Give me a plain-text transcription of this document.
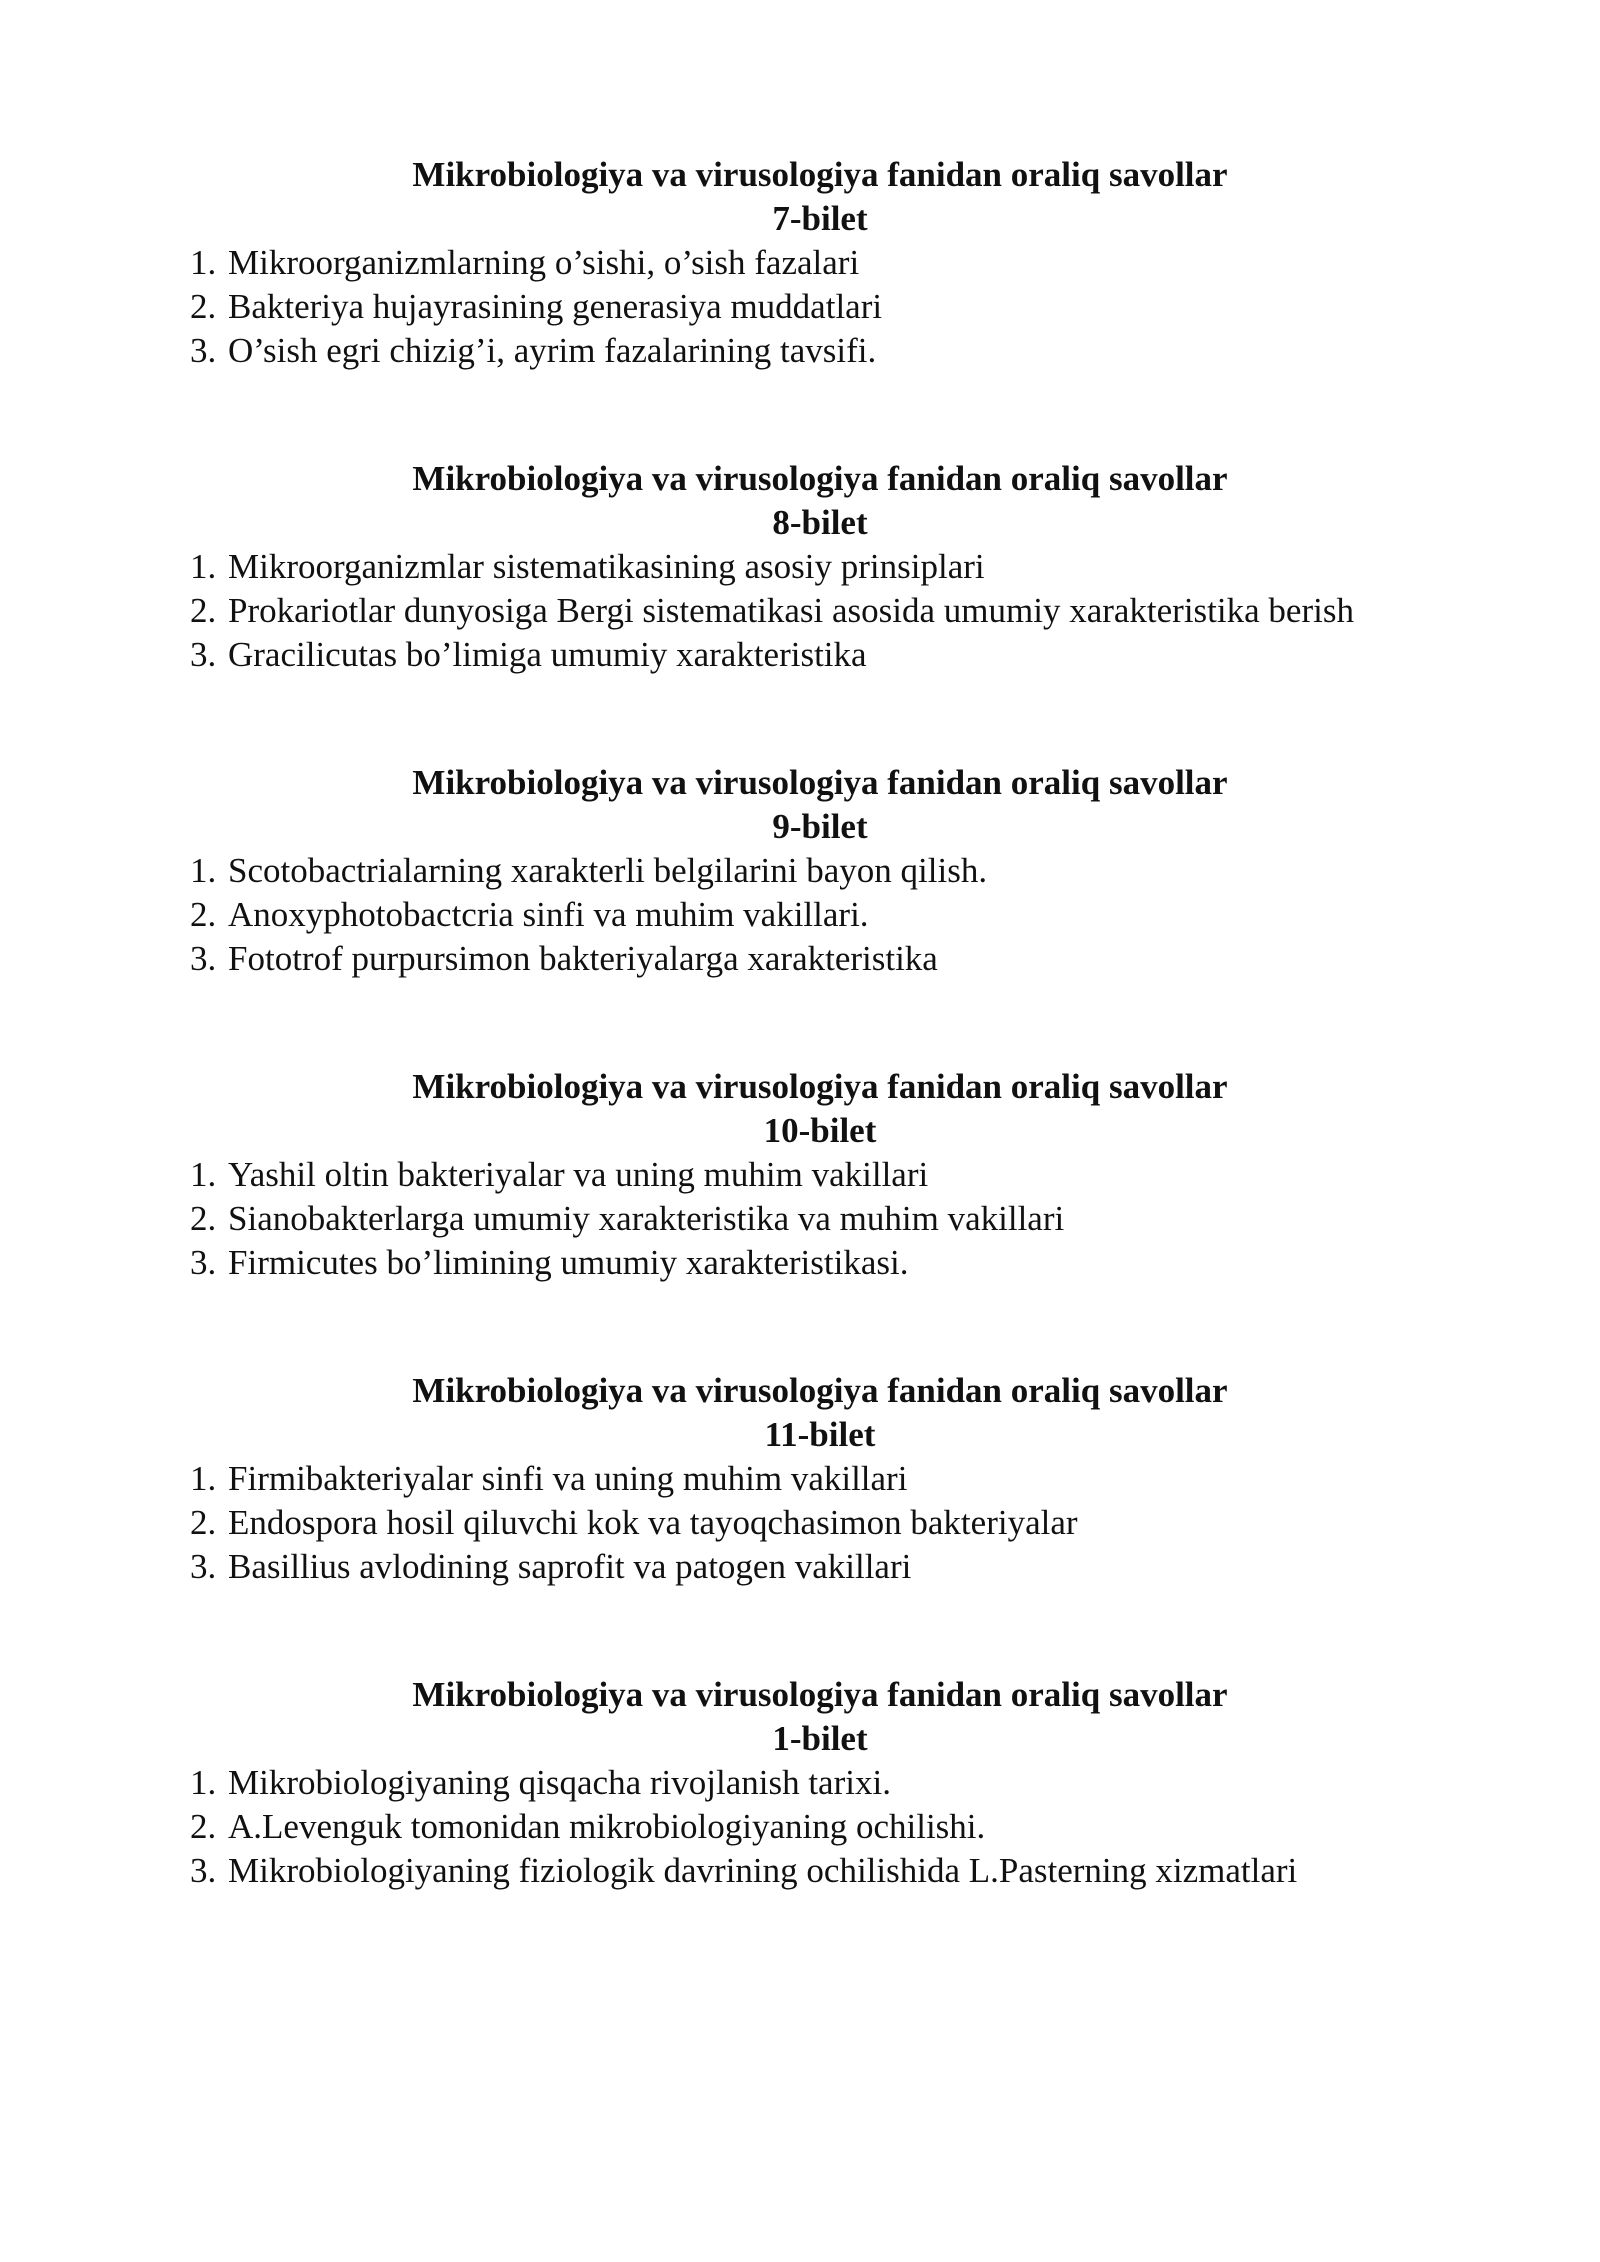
Mikrobiologiya va virusologiya fanidan oraliq savollar
7-bilet
1. Mikroorganizmlarning o’sishi, o’sish fazalari
2. Bakteriya hujayrasining generasiya muddatlari
3. O’sish egri chizig’i, ayrim fazalarining tavsifi.
Mikrobiologiya va virusologiya fanidan oraliq savollar
8-bilet
1. Mikroorganizmlar sistematikasining asosiy prinsiplari
2. Prokariotlar dunyosiga Bergi sistematikasi asosida umumiy xarakteristika berish
3. Gracilicutas bo’limiga umumiy xarakteristika
Mikrobiologiya va virusologiya fanidan oraliq savollar
9-bilet
1. Scotobactrialarning xarakterli belgilarini bayon qilish.
2. Anoxyphotobactcria sinfi va muhim vakillari.
3. Fototrof purpursimon bakteriyalarga xarakteristika
Mikrobiologiya va virusologiya fanidan oraliq savollar
10-bilet
1. Yashil oltin bakteriyalar va uning muhim vakillari
2. Sianobakterlarga umumiy xarakteristika va muhim vakillari
3. Firmicutes bo’limining umumiy xarakteristikasi.
Mikrobiologiya va virusologiya fanidan oraliq savollar
11-bilet
1. Firmibakteriyalar sinfi va uning muhim vakillari
2. Endospora hosil qiluvchi kok va tayoqchasimon bakteriyalar
3. Basillius avlodining saprofit va patogen vakillari
Mikrobiologiya va virusologiya fanidan oraliq savollar
1-bilet
1. Mikrobiologiyaning qisqacha rivojlanish tarixi.
2. A.Levenguk tomonidan mikrobiologiyaning ochilishi.
3. Mikrobiologiyaning fiziologik davrining ochilishida L.Pasterning xizmatlari
